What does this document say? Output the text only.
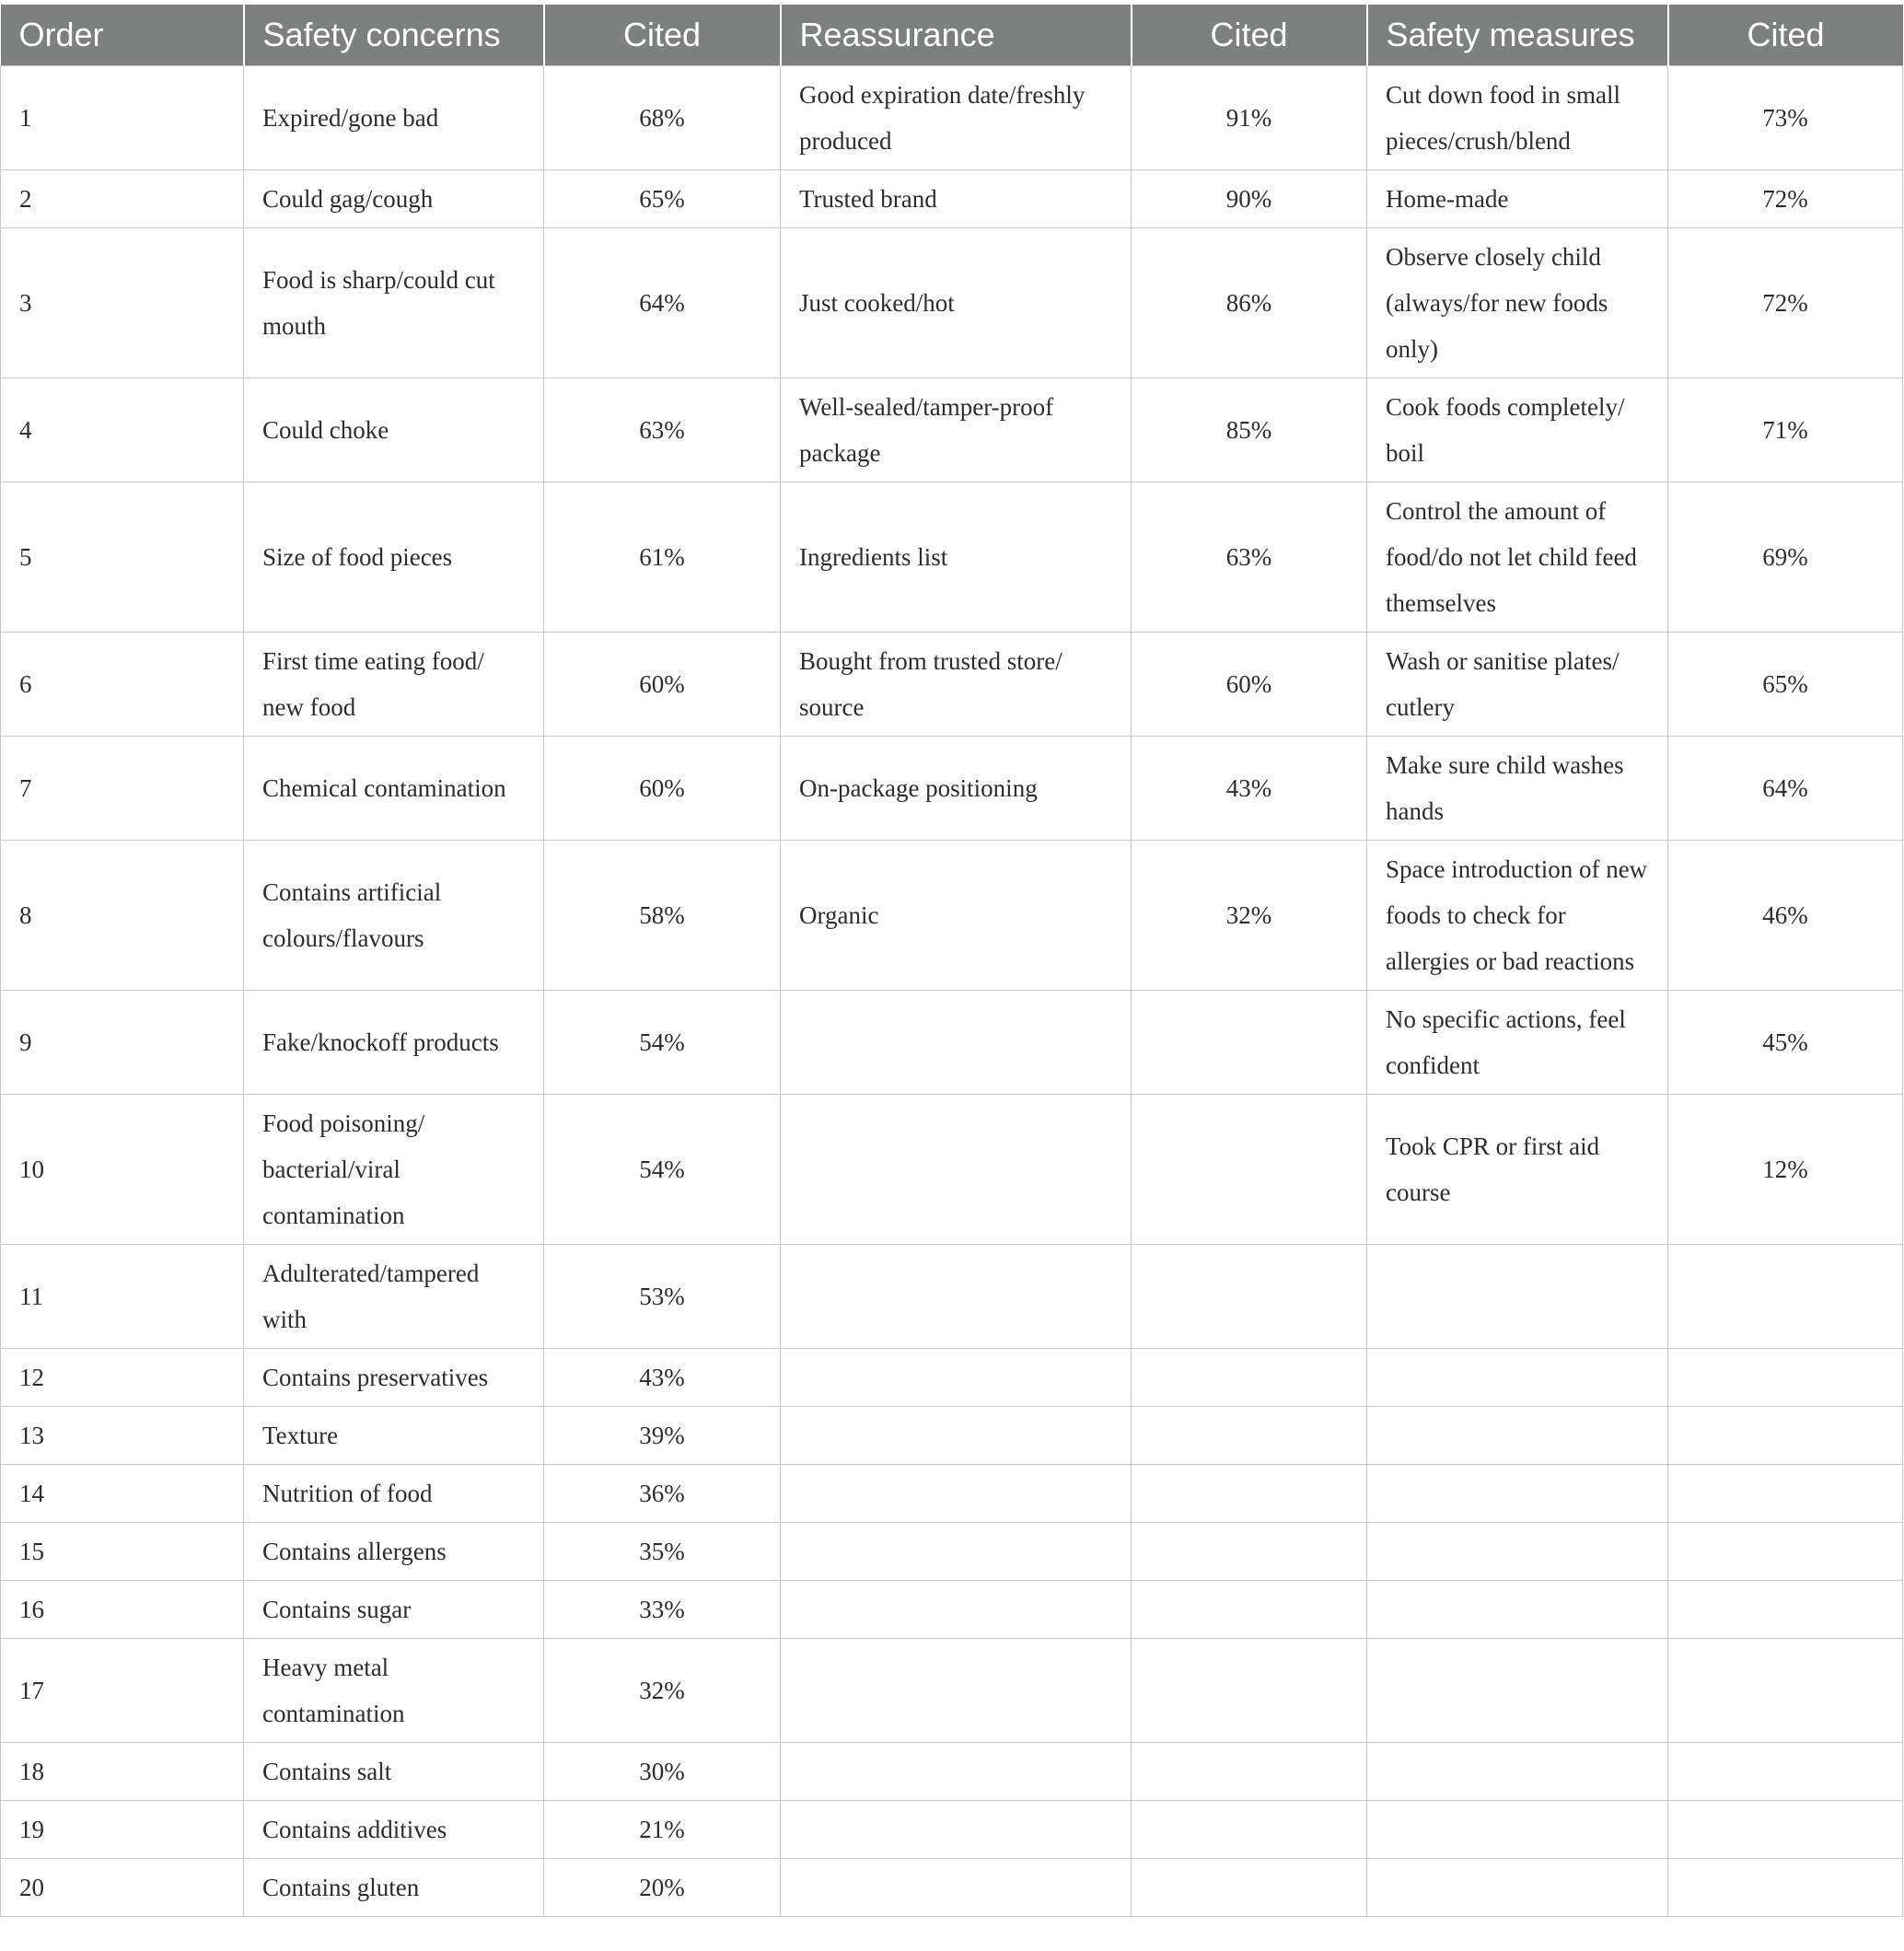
Order	Safety concerns	Cited	Reassurance	Cited	Safety measures	Cited
1	Expired/gone bad	68%	Good expiration date/freshly produced	91%	Cut down food in small pieces/crush/blend	73%
2	Could gag/cough	65%	Trusted brand	90%	Home-made	72%
3	Food is sharp/could cut mouth	64%	Just cooked/hot	86%	Observe closely child (always/for new foods only)	72%
4	Could choke	63%	Well-sealed/tamper-proof package	85%	Cook foods completely/ boil	71%
5	Size of food pieces	61%	Ingredients list	63%	Control the amount of food/do not let child feed themselves	69%
6	First time eating food/ new food	60%	Bought from trusted store/ source	60%	Wash or sanitise plates/ cutlery	65%
7	Chemical contamination	60%	On-package positioning	43%	Make sure child washes hands	64%
8	Contains artificial colours/flavours	58%	Organic	32%	Space introduction of new foods to check for allergies or bad reactions	46%
9	Fake/knockoff products	54%			No specific actions, feel confident	45%
10	Food poisoning/ bacterial/viral contamination	54%			Took CPR or first aid course	12%
11	Adulterated/tampered with	53%				
12	Contains preservatives	43%				
13	Texture	39%				
14	Nutrition of food	36%				
15	Contains allergens	35%				
16	Contains sugar	33%				
17	Heavy metal contamination	32%				
18	Contains salt	30%				
19	Contains additives	21%				
20	Contains gluten	20%				
